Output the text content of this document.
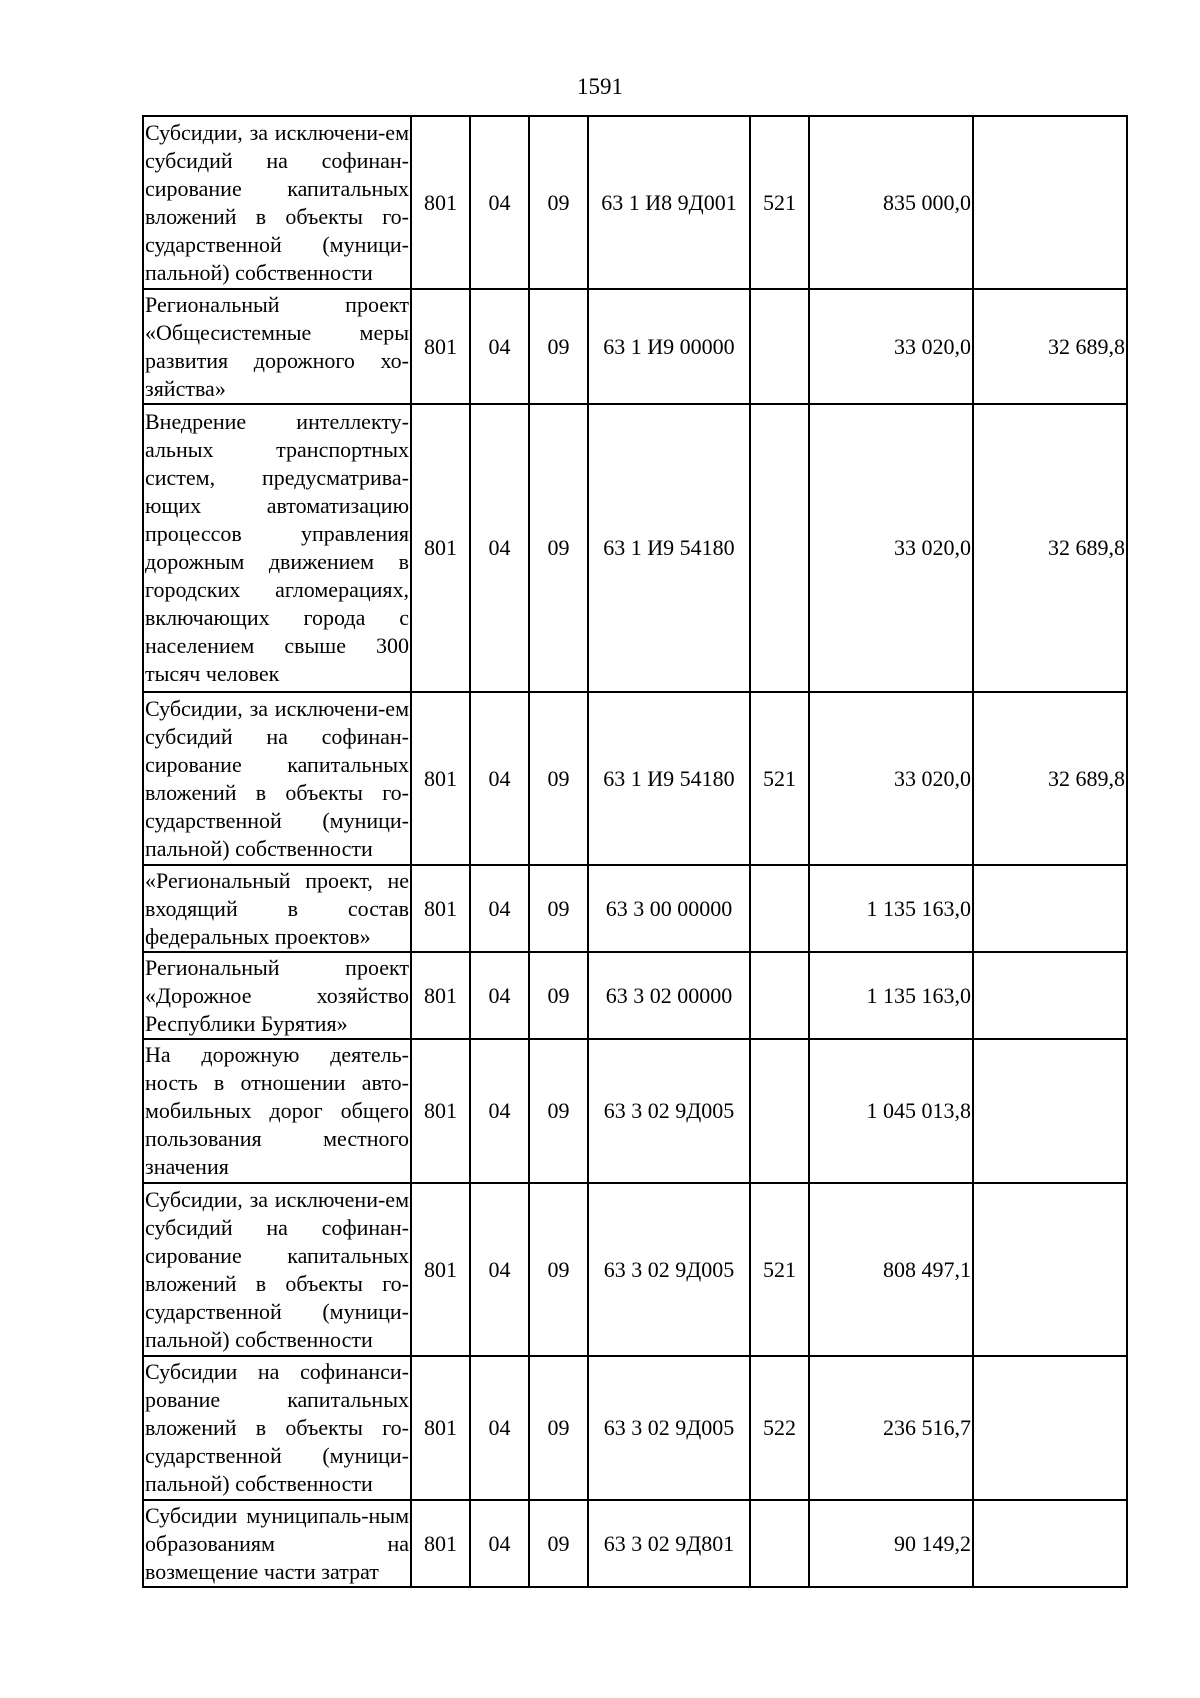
1591
Субсидии, за исключени-ем субсидий на софинан-сирование капитальных вложений в объекты го-сударственной (муници-пальной) собственности	801	04	09	63 1 И8 9Д001	521	835 000,0	
Региональный проект «Общесистемные меры развития дорожного хо-зяйства»	801	04	09	63 1 И9 00000		33 020,0	32 689,8
Внедрение интеллекту-альных транспортных систем, предусматрива-ющих автоматизацию процессов управления дорожным движением в городских агломерациях, включающих города с населением свыше 300 тысяч человек	801	04	09	63 1 И9 54180		33 020,0	32 689,8
Субсидии, за исключени-ем субсидий на софинан-сирование капитальных вложений в объекты го-сударственной (муници-пальной) собственности	801	04	09	63 1 И9 54180	521	33 020,0	32 689,8
«Региональный проект, не входящий в состав федеральных проектов»	801	04	09	63 3 00 00000		1 135 163,0	
Региональный проект «Дорожное хозяйство Республики Бурятия»	801	04	09	63 3 02 00000		1 135 163,0	
На дорожную деятель-ность в отношении авто-мобильных дорог общего пользования местного значения	801	04	09	63 3 02 9Д005		1 045 013,8	
Субсидии, за исключени-ем субсидий на софинан-сирование капитальных вложений в объекты го-сударственной (муници-пальной) собственности	801	04	09	63 3 02 9Д005	521	808 497,1	
Субсидии на софинанси-рование капитальных вложений в объекты го-сударственной (муници-пальной) собственности	801	04	09	63 3 02 9Д005	522	236 516,7	
Субсидии муниципаль-ным образованиям на возмещение части затрат	801	04	09	63 3 02 9Д801		90 149,2	
